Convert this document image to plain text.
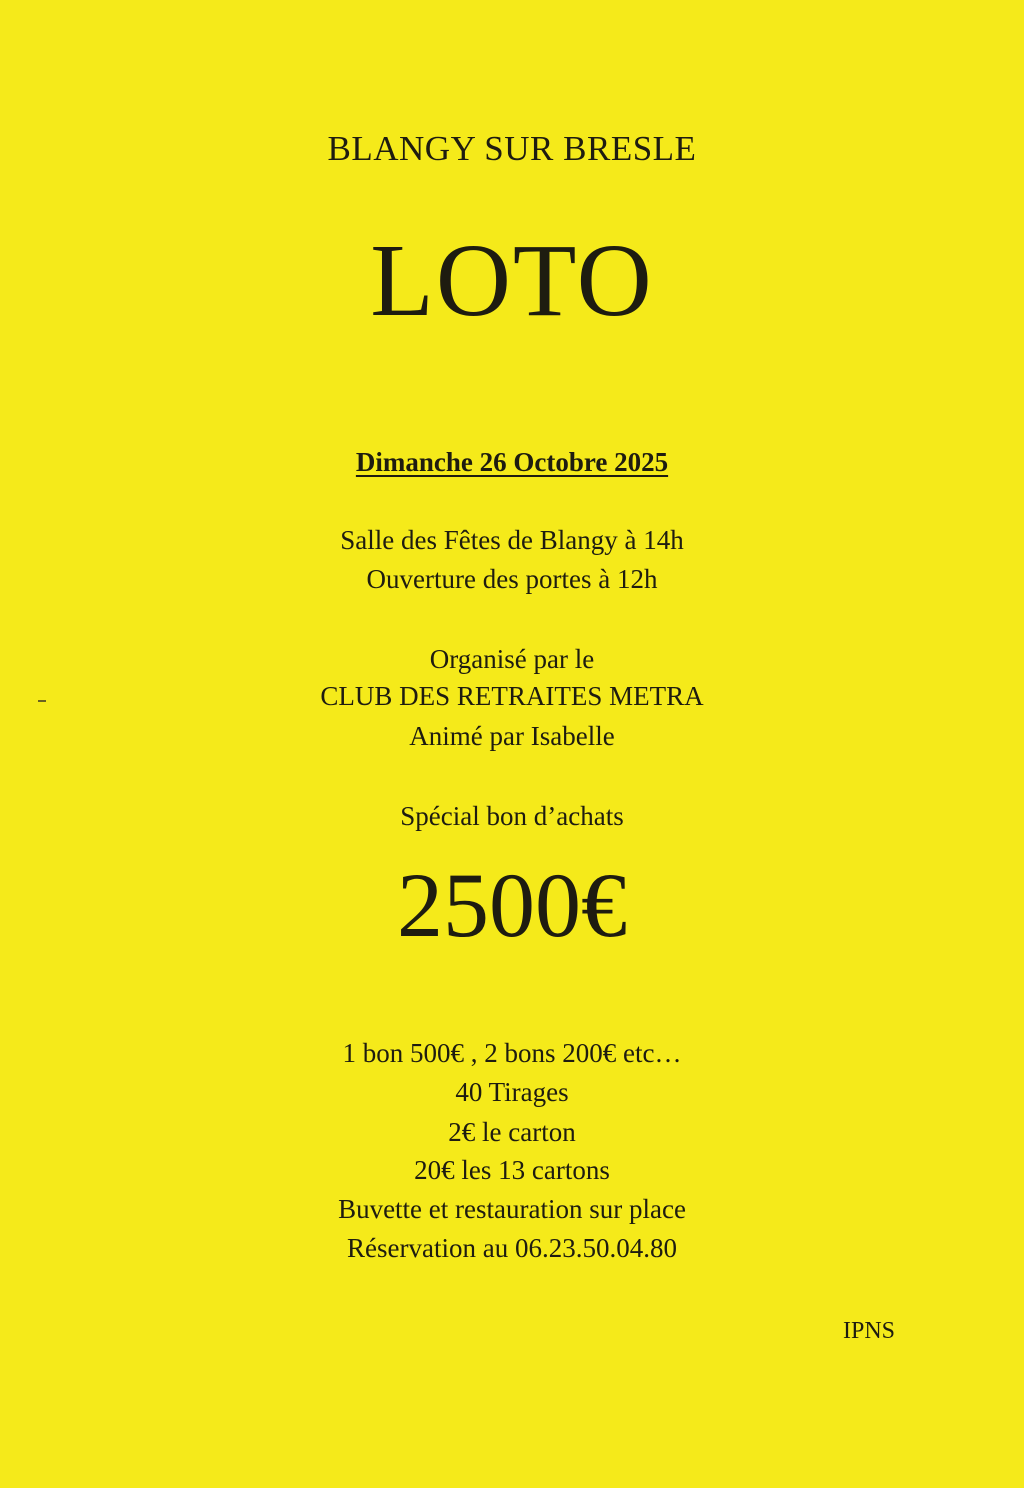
BLANGY SUR BRESLE
LOTO
Dimanche 26 Octobre 2025
Salle des Fêtes de Blangy à 14h
Ouverture des portes à 12h
Organisé par le
CLUB DES RETRAITES METRA
Animé par Isabelle
Spécial bon d’achats
2500€
1 bon 500€ , 2 bons 200€ etc…
40 Tirages
2€ le carton
20€ les 13 cartons
Buvette et restauration sur place
Réservation au 06.23.50.04.80
IPNS
